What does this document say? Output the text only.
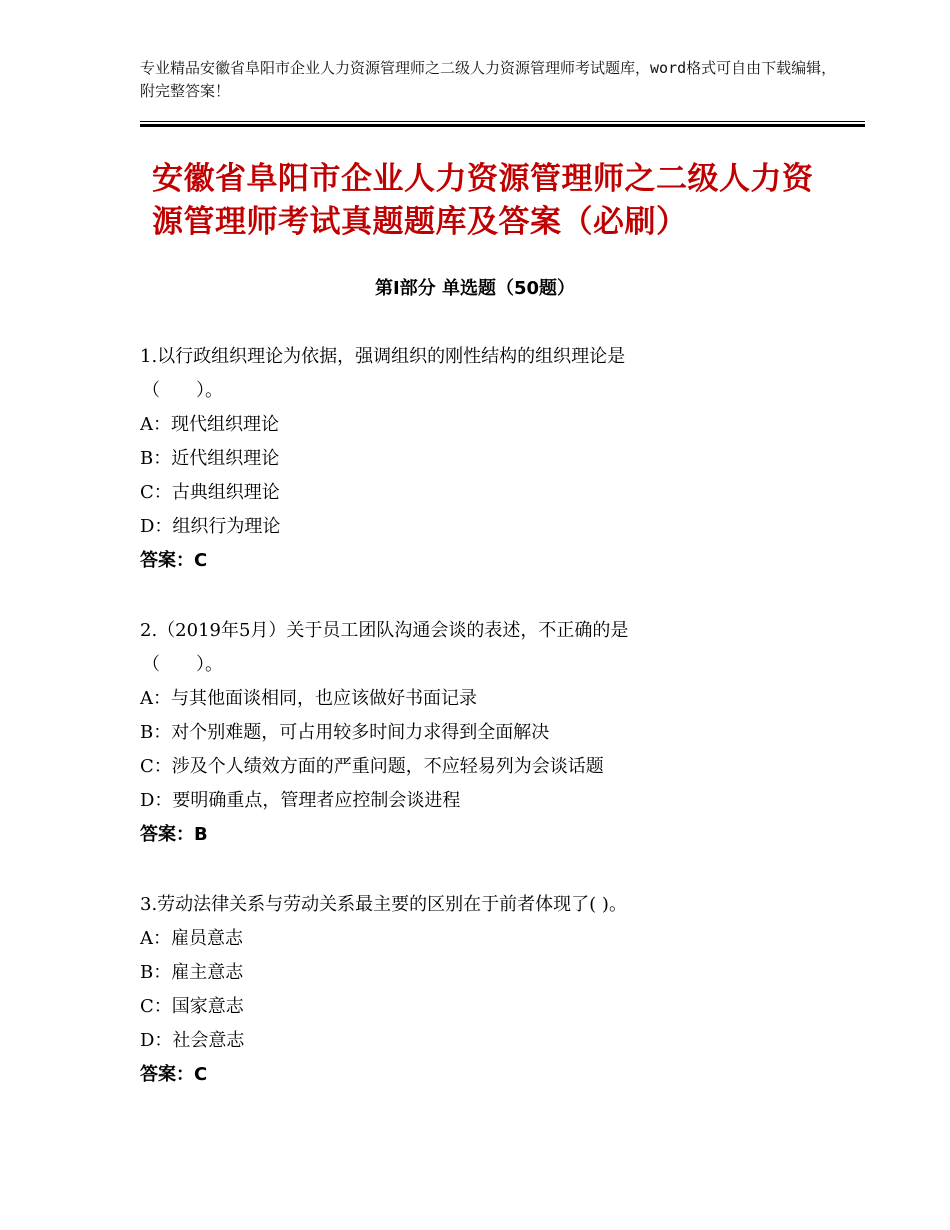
专业精品安徽省阜阳市企业人力资源管理师之二级人力资源管理师考试题库，word格式可自由下载编辑，附完整答案！
安徽省阜阳市企业人力资源管理师之二级人力资源管理师考试真题题库及答案（必刷）
第Ⅰ部分 单选题（50题）

1.以行政组织理论为依据，强调组织的刚性结构的组织理论是
（　　）。

A：现代组织理论

B：近代组织理论

C：古典组织理论

D：组织行为理论

答案：C

2.（2019年5月）关于员工团队沟通会谈的表述，不正确的是
（　　）。

A：与其他面谈相同，也应该做好书面记录

B：对个别难题，可占用较多时间力求得到全面解决

C：涉及个人绩效方面的严重问题，不应轻易列为会谈话题

D：要明确重点，管理者应控制会谈进程

答案：B

3.劳动法律关系与劳动关系最主要的区别在于前者体现了( )。

A：雇员意志

B：雇主意志

C：国家意志

D：社会意志

答案：C
